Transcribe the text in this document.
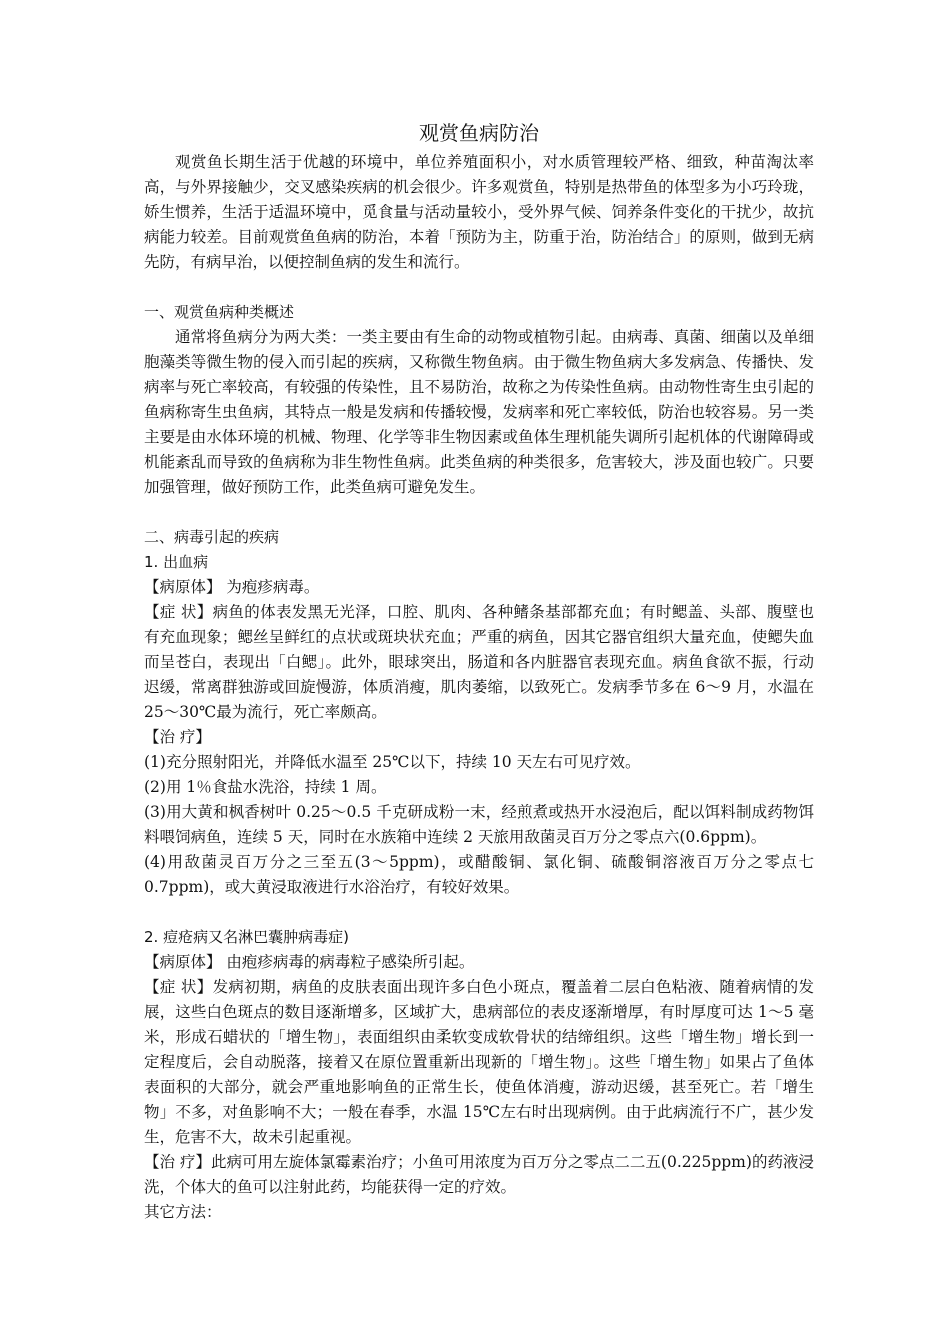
观赏鱼病防治

观赏鱼长期生活于优越的环境中，单位养殖面积小，对水质管理较严格、细致，种苗淘汰率高，与外界接触少，交叉感染疾病的机会很少。许多观赏鱼，特别是热带鱼的体型多为小巧玲珑，娇生惯养，生活于适温环境中，觅食量与活动量较小，受外界气候、饲养条件变化的干扰少，故抗病能力较差。目前观赏鱼鱼病的防治，本着「预防为主，防重于治，防治结合」的原则，做到无病先防，有病早治，以便控制鱼病的发生和流行。

一、观赏鱼病种类概述

通常将鱼病分为两大类：一类主要由有生命的动物或植物引起。由病毒、真菌、细菌以及单细胞藻类等微生物的侵入而引起的疾病，又称微生物鱼病。由于微生物鱼病大多发病急、传播快、发病率与死亡率较高，有较强的传染性，且不易防治，故称之为传染性鱼病。由动物性寄生虫引起的鱼病称寄生虫鱼病，其特点一般是发病和传播较慢，发病率和死亡率较低，防治也较容易。另一类主要是由水体环境的机械、物理、化学等非生物因素或鱼体生理机能失调所引起机体的代谢障碍或机能紊乱而导致的鱼病称为非生物性鱼病。此类鱼病的种类很多，危害较大，涉及面也较广。只要加强管理，做好预防工作，此类鱼病可避免发生。

二、病毒引起的疾病

1. 出血病

【病原体】 为疱疹病毒。

【症 状】病鱼的体表发黑无光泽，口腔、肌肉、各种鳍条基部都充血；有时鳃盖、头部、腹壁也有充血现象；鳃丝呈鲜红的点状或斑块状充血；严重的病鱼，因其它器官组织大量充血，使鳃失血而呈苍白，表现出「白鳃」。此外，眼球突出，肠道和各内脏器官表现充血。病鱼食欲不振，行动迟缓，常离群独游或回旋慢游，体质消瘦，肌肉萎缩，以致死亡。发病季节多在 6～9 月，水温在 25～30℃最为流行，死亡率颇高。

【治 疗】

(1)充分照射阳光，并降低水温至 25℃以下，持续 10 天左右可见疗效。

(2)用 1％食盐水洗浴，持续 1 周。

(3)用大黄和枫香树叶 0.25～0.5 千克研成粉一末，经煎煮或热开水浸泡后，配以饵料制成药物饵料喂饲病鱼，连续 5 天，同时在水族箱中连续 2 天旅用敌菌灵百万分之零点六(0.6ppm)。

(4)用敌菌灵百万分之三至五(3～5ppm)，或醋酸铜、氯化铜、硫酸铜溶液百万分之零点七 0.7ppm)，或大黄浸取液进行水浴治疗，有较好效果。

2. 痘疮病又名淋巴囊肿病毒症)

【病原体】 由疱疹病毒的病毒粒子感染所引起。

【症 状】发病初期，病鱼的皮肤表面出现许多白色小斑点，覆盖着二层白色粘液、随着病情的发展，这些白色斑点的数目逐渐增多，区域扩大，患病部位的表皮逐渐增厚，有时厚度可达 1～5 毫米，形成石蜡状的「增生物」，表面组织由柔软变成软骨状的结缔组织。这些「增生物」增长到一定程度后，会自动脱落，接着又在原位置重新出现新的「增生物」。这些「增生物」如果占了鱼体表面积的大部分，就会严重地影响鱼的正常生长，使鱼体消瘦，游动迟缓，甚至死亡。若「增生物」不多，对鱼影响不大；一般在春季，水温 15℃左右时出现病例。由于此病流行不广，甚少发生，危害不大，故未引起重视。

【治 疗】此病可用左旋体氯霉素治疗；小鱼可用浓度为百万分之零点二二五(0.225ppm)的药液浸洗，个体大的鱼可以注射此药，均能获得一定的疗效。

其它方法：
